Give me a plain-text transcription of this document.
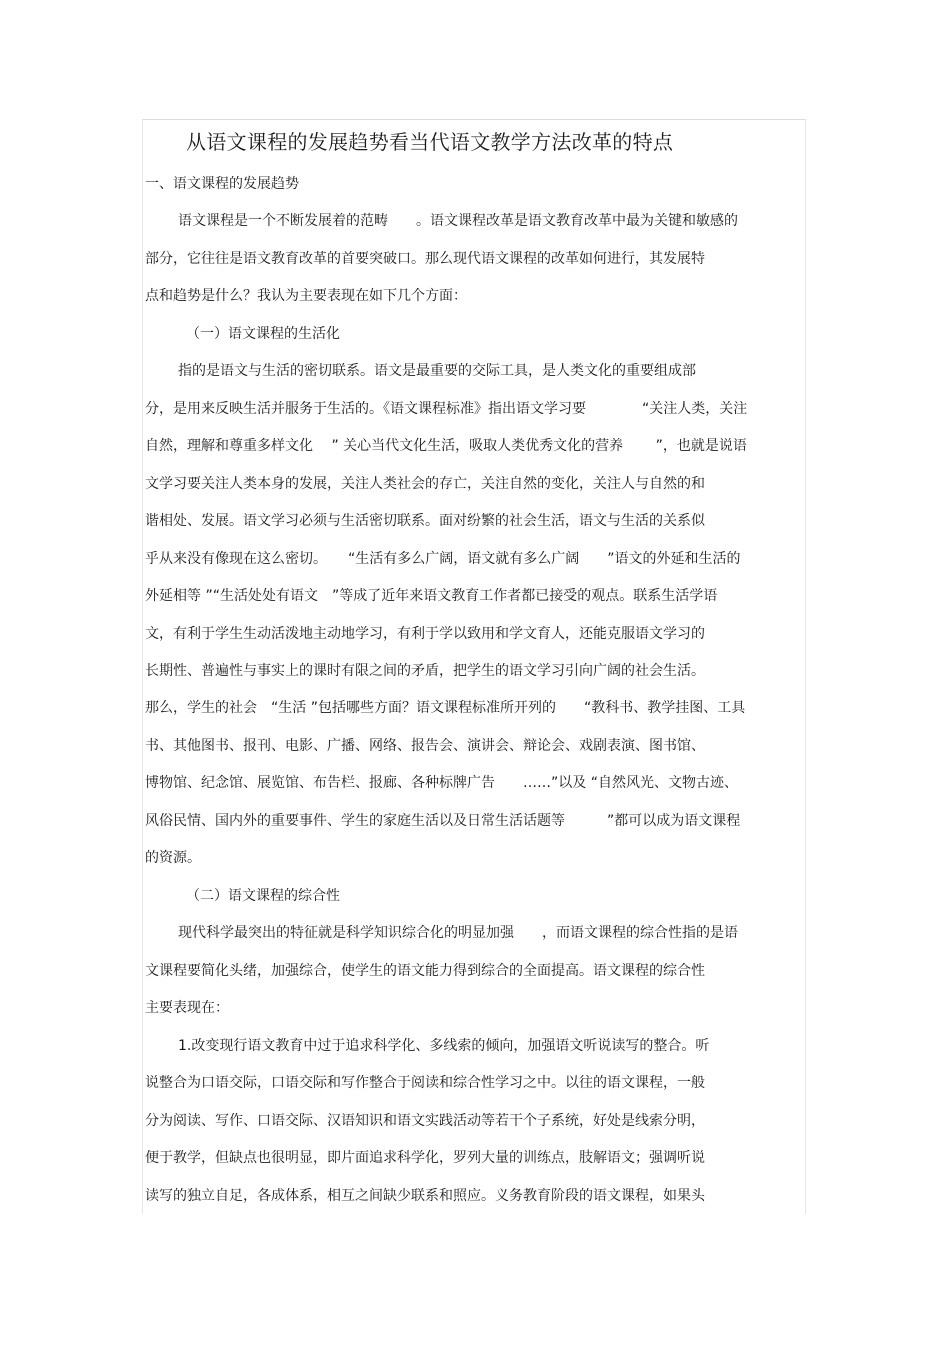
从语文课程的发展趋势看当代语文教学方法改革的特点
一、语文课程的发展趋势
语文课程是一个不断发展着的范畴　　。语文课程改革是语文教育改革中最为关键和敏感的
部分，它往往是语文教育改革的首要突破口。那么现代语文课程的改革如何进行，其发展特
点和趋势是什么？我认为主要表现在如下几个方面：
（一）语文课程的生活化
指的是语文与生活的密切联系。语文是最重要的交际工具，是人类文化的重要组成部
分，是用来反映生活并服务于生活的。《语文课程标准》指出语文学习要　　　　“关注人类，关注
自然，理解和尊重多样文化　 ” 关心当代文化生活，吸取人类优秀文化的营养　　 ”，也就是说语
文学习要关注人类本身的发展，关注人类社会的存亡，关注自然的变化，关注人与自然的和
谐相处、发展。语文学习必须与生活密切联系。面对纷繁的社会生活，语文与生活的关系似
乎从来没有像现在这么密切。　　“生活有多么广阔，语文就有多么广阔　　”语文的外延和生活的
外延相等 ”“生活处处有语文　”等成了近年来语文教育工作者都已接受的观点。联系生活学语
文，有利于学生生动活泼地主动地学习，有利于学以致用和学文育人，还能克服语文学习的
长期性、普遍性与事实上的课时有限之间的矛盾，把学生的语文学习引向广阔的社会生活。
那么，学生的社会　“生活 ”包括哪些方面？语文课程标准所开列的　　“教科书、教学挂图、工具
书、其他图书、报刊、电影、广播、网络、报告会、演讲会、辩论会、戏剧表演、图书馆、
博物馆、纪念馆、展览馆、布告栏、报廊、各种标牌广告　　……”以及 “自然风光、文物古迹、
风俗民情、国内外的重要事件、学生的家庭生活以及日常生活话题等　　　”都可以成为语文课程
的资源。
（二）语文课程的综合性
现代科学最突出的特征就是科学知识综合化的明显加强　　，而语文课程的综合性指的是语
文课程要简化头绪，加强综合，使学生的语文能力得到综合的全面提高。语文课程的综合性
主要表现在：
1.改变现行语文教育中过于追求科学化、多线索的倾向，加强语文听说读写的整合。听
说整合为口语交际，口语交际和写作整合于阅读和综合性学习之中。以往的语文课程，一般
分为阅读、写作、口语交际、汉语知识和语文实践活动等若干个子系统，好处是线索分明，
便于教学，但缺点也很明显，即片面追求科学化，罗列大量的训练点，肢解语文；强调听说
读写的独立自足，各成体系，相互之间缺少联系和照应。义务教育阶段的语文课程，如果头
